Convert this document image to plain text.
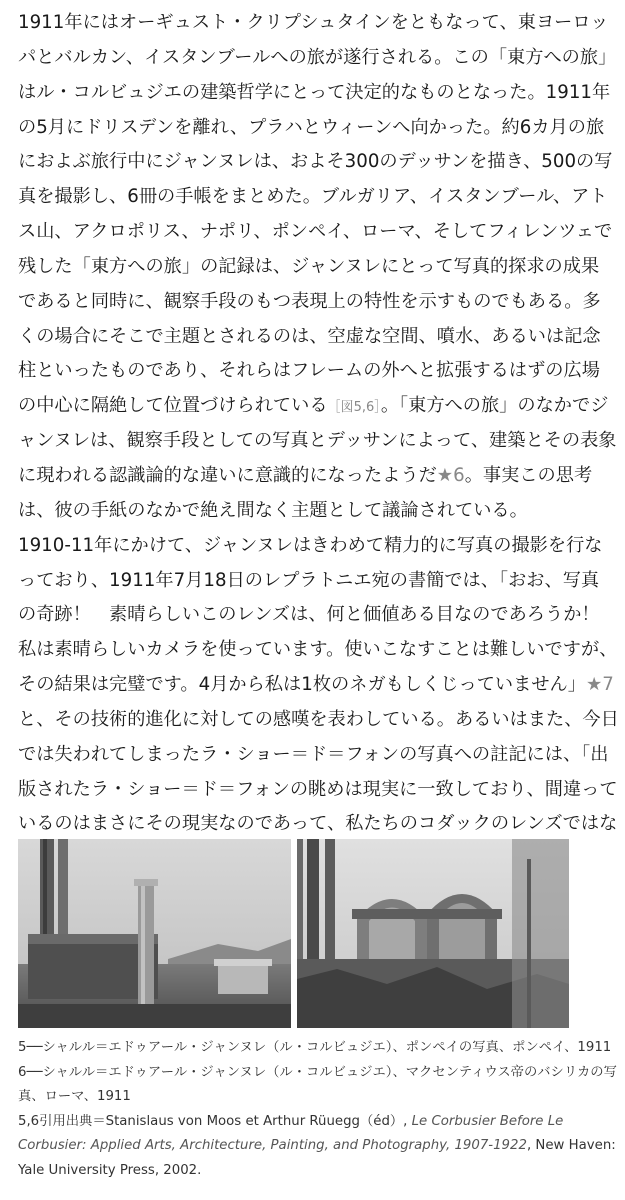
1911年にはオーギュスト・クリプシュタインをともなって、東ヨーロッ
パとバルカン、イスタンブールへの旅が遂行される。この「東方への旅」
はル・コルビュジエの建築哲学にとって決定的なものとなった。1911年
の5月にドリスデンを離れ、プラハとウィーンへ向かった。約6カ月の旅
におよぶ旅行中にジャンヌレは、およそ300のデッサンを描き、500の写
真を撮影し、6冊の手帳をまとめた。ブルガリア、イスタンブール、アト
ス山、アクロポリス、ナポリ、ポンペイ、ローマ、そしてフィレンツェで
残した「東方への旅」の記録は、ジャンヌレにとって写真的探求の成果
であると同時に、観察手段のもつ表現上の特性を示すものでもある。多
くの場合にそこで主題とされるのは、空虚な空間、噴水、あるいは記念
柱といったものであり、それらはフレームの外へと拡張するはずの広場
の中心に隔絶して位置づけられている［図5,6］。「東方への旅」のなかでジ
ャンヌレは、観察手段としての写真とデッサンによって、建築とその表象
に現われる認識論的な違いに意識的になったようだ★6。事実この思考
は、彼の手紙のなかで絶え間なく主題として議論されている。
1910-11年にかけて、ジャンヌレはきわめて精力的に写真の撮影を行な
っており、1911年7月18日のレプラトニエ宛の書簡では、「おお、写真
の奇跡！　素晴らしいこのレンズは、何と価値ある目なのであろうか！
私は素晴らしいカメラを使っています。使いこなすことは難しいですが、
その結果は完璧です。4月から私は1枚のネガもしくじっていません」★7
と、その技術的進化に対しての感嘆を表わしている。あるいはまた、今日
では失われてしまったラ・ショー＝ド＝フォンの写真への註記には、「出
版されたラ・ショー＝ド＝フォンの眺めは現実に一致しており、間違って
いるのはまさにその現実なのであって、私たちのコダックのレンズではな
5──シャルル＝エドゥアール・ジャンヌレ（ル・コルビュジエ）、ポンペイの写真、ポンペイ、1911
6──シャルル＝エドゥアール・ジャンヌレ（ル・コルビュジエ）、マクセンティウス帝のバシリカの写
真、ローマ、1911
5,6引用出典＝Stanislaus von Moos et Arthur Rüuegg（éd）, Le Corbusier Before Le
Corbusier: Applied Arts, Architecture, Painting, and Photography, 1907-1922, New Haven:
Yale University Press, 2002.
